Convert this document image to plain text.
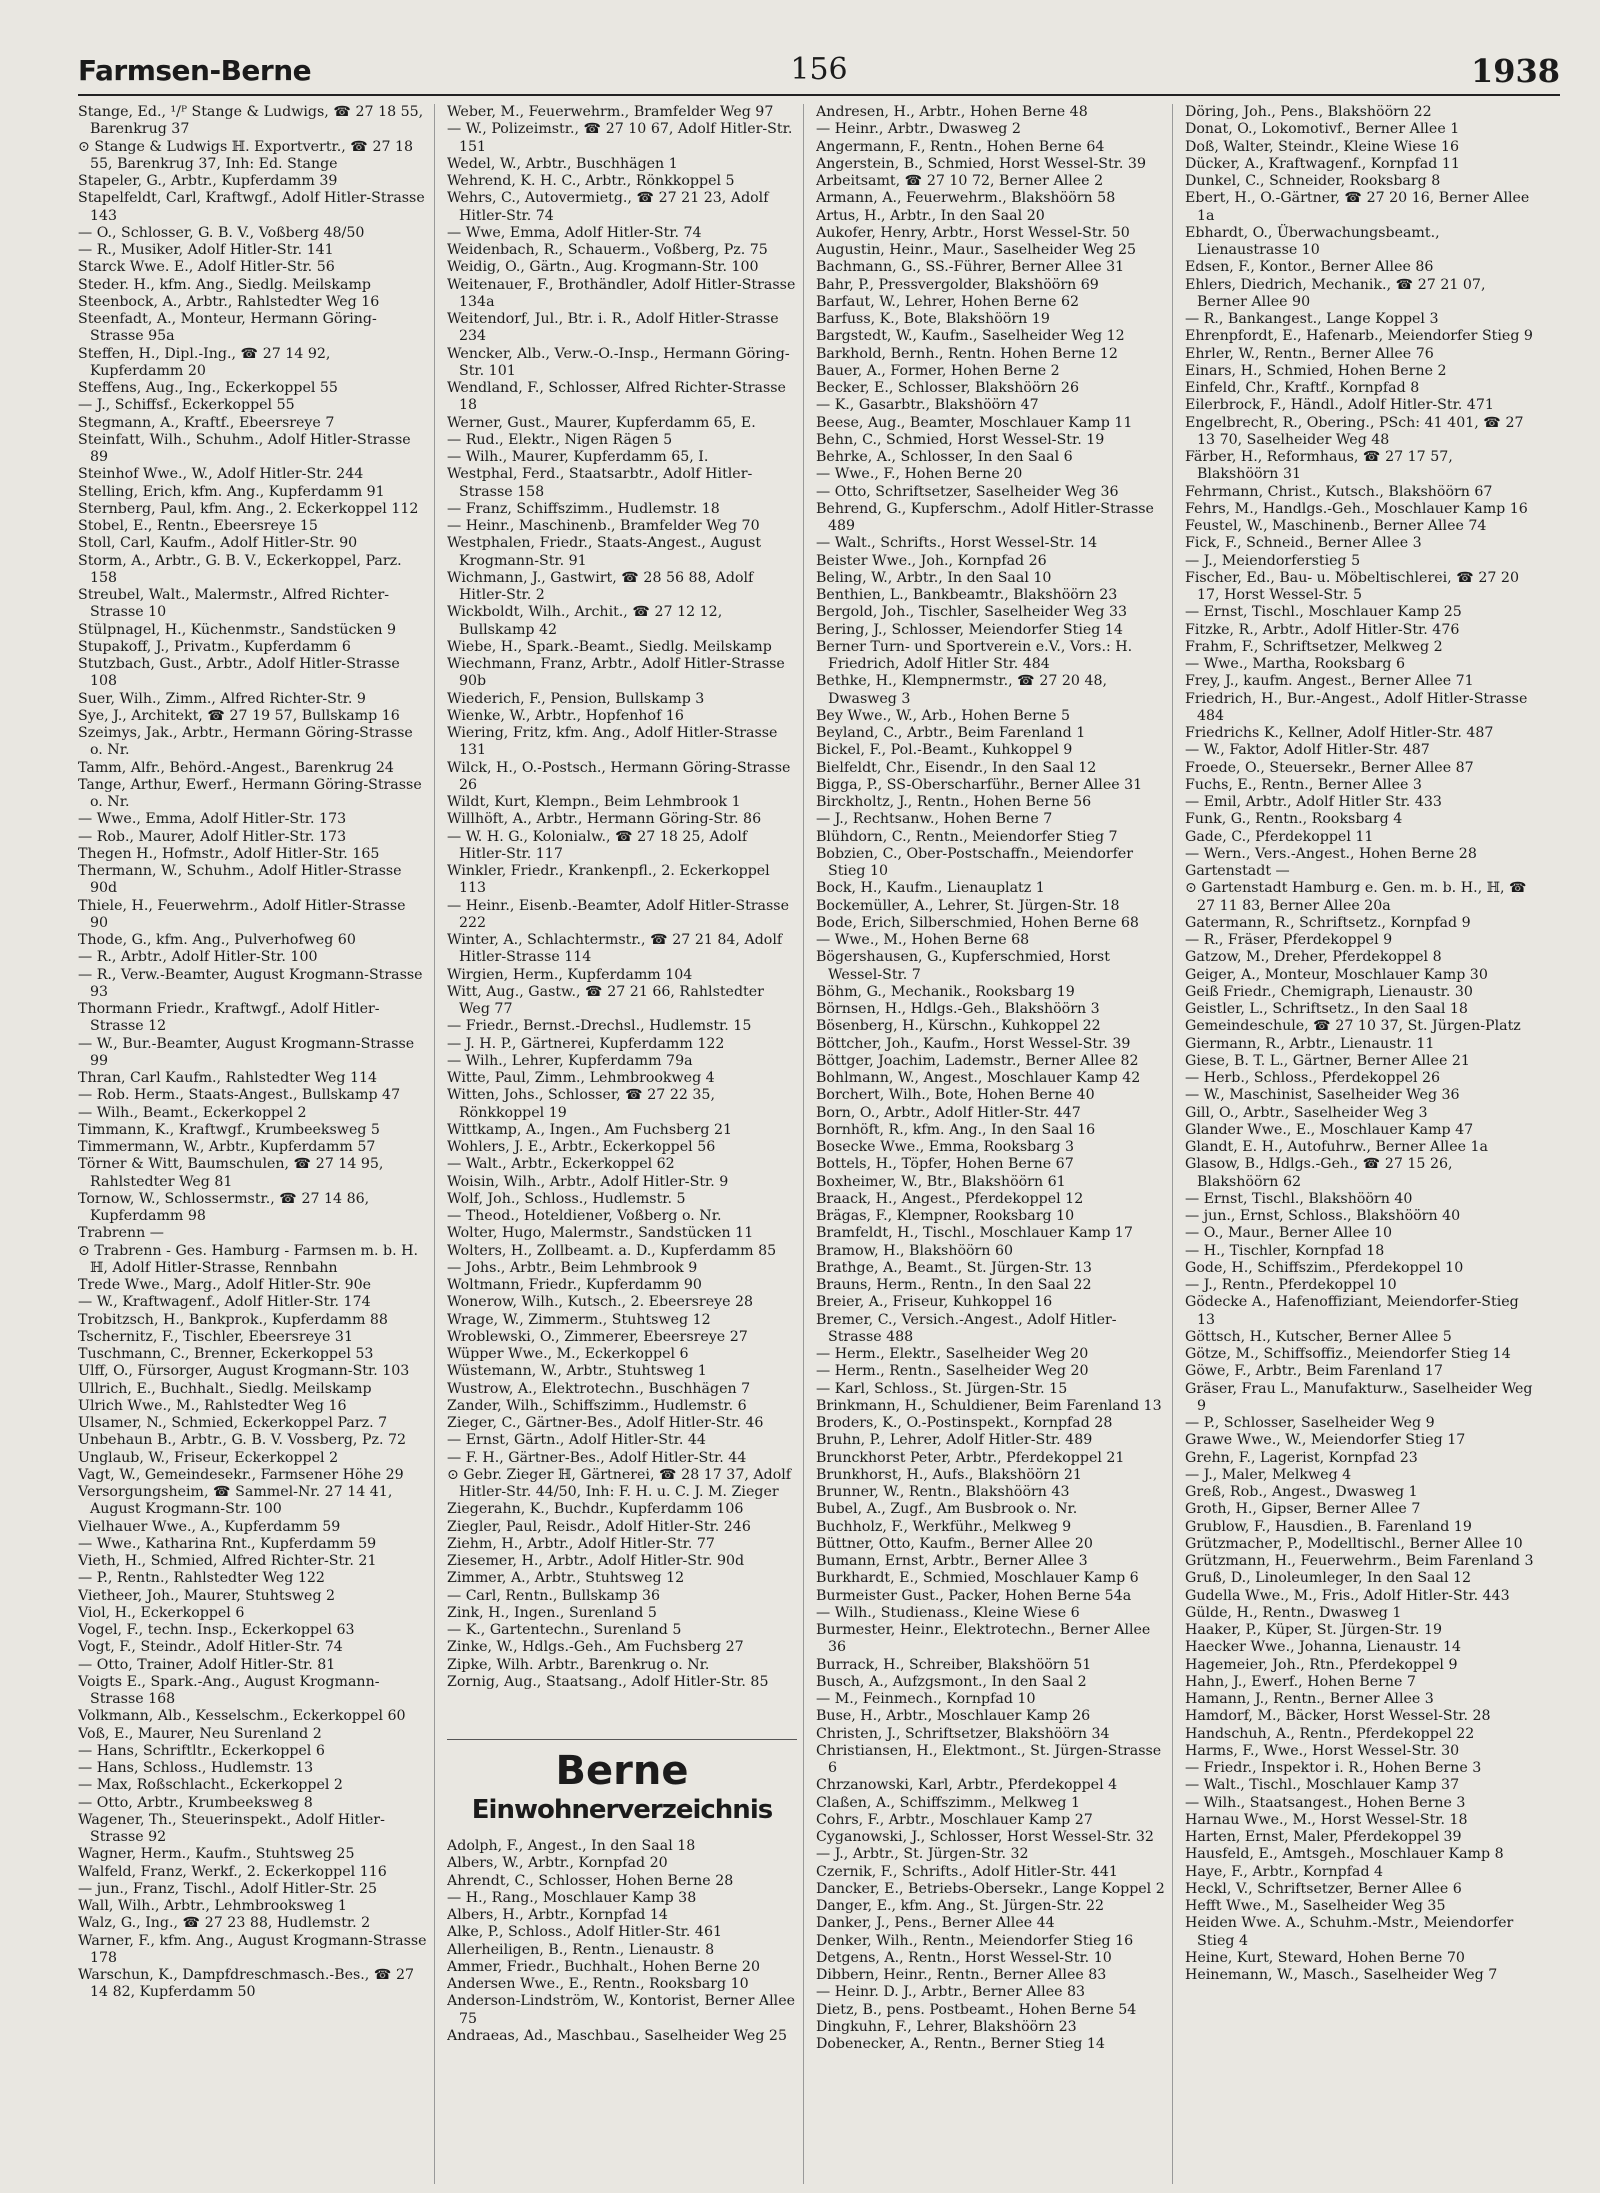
Farmsen-Berne	156	1938

Stange, Ed., ¹/ᴾ Stange & Ludwigs, ☎ 27 18 55, Barenkrug 37

⊙ Stange & Ludwigs ℍ. Exportvertr., ☎ 27 18 55, Barenkrug 37, Inh: Ed. Stange

Stapeler, G., Arbtr., Kupferdamm 39

Stapelfeldt, Carl, Kraftwgf., Adolf Hitler-Strasse 143

— O., Schlosser, G. B. V., Voßberg 48/50

— R., Musiker, Adolf Hitler-Str. 141

Starck Wwe. E., Adolf Hitler-Str. 56

Steder. H., kfm. Ang., Siedlg. Meilskamp

Steenbock, A., Arbtr., Rahlstedter Weg 16

Steenfadt, A., Monteur, Hermann Göring-Strasse 95a

Steffen, H., Dipl.-Ing., ☎ 27 14 92, Kupferdamm 20

Steffens, Aug., Ing., Eckerkoppel 55

— J., Schiffsf., Eckerkoppel 55

Stegmann, A., Kraftf., Ebeersreye 7

Steinfatt, Wilh., Schuhm., Adolf Hitler-Strasse 89

Steinhof Wwe., W., Adolf Hitler-Str. 244

Stelling, Erich, kfm. Ang., Kupferdamm 91

Sternberg, Paul, kfm. Ang., 2. Eckerkoppel 112

Stobel, E., Rentn., Ebeersreye 15

Stoll, Carl, Kaufm., Adolf Hitler-Str. 90

Storm, A., Arbtr., G. B. V., Eckerkoppel, Parz. 158

Streubel, Walt., Malermstr., Alfred Richter-Strasse 10

Stülpnagel, H., Küchenmstr., Sandstücken 9

Stupakoff, J., Privatm., Kupferdamm 6

Stutzbach, Gust., Arbtr., Adolf Hitler-Strasse 108

Suer, Wilh., Zimm., Alfred Richter-Str. 9

Sye, J., Architekt, ☎ 27 19 57, Bullskamp 16

Szeimys, Jak., Arbtr., Hermann Göring-Strasse o. Nr.

Tamm, Alfr., Behörd.-Angest., Barenkrug 24

Tange, Arthur, Ewerf., Hermann Göring-Strasse o. Nr.

— Wwe., Emma, Adolf Hitler-Str. 173

— Rob., Maurer, Adolf Hitler-Str. 173

Thegen H., Hofmstr., Adolf Hitler-Str. 165

Thermann, W., Schuhm., Adolf Hitler-Strasse 90d

Thiele, H., Feuerwehrm., Adolf Hitler-Strasse 90

Thode, G., kfm. Ang., Pulverhofweg 60

— R., Arbtr., Adolf Hitler-Str. 100

— R., Verw.-Beamter, August Krogmann-Strasse 93

Thormann Friedr., Kraftwgf., Adolf Hitler-Strasse 12

— W., Bur.-Beamter, August Krogmann-Strasse 99

Thran, Carl Kaufm., Rahlstedter Weg 114

— Rob. Herm., Staats-Angest., Bullskamp 47

— Wilh., Beamt., Eckerkoppel 2

Timmann, K., Kraftwgf., Krumbeeksweg 5

Timmermann, W., Arbtr., Kupferdamm 57

Törner & Witt, Baumschulen, ☎ 27 14 95, Rahlstedter Weg 81

Tornow, W., Schlossermstr., ☎ 27 14 86, Kupferdamm 98

Trabrenn —

⊙ Trabrenn - Ges. Hamburg - Farmsen m. b. H. ℍ, Adolf Hitler-Strasse, Rennbahn

Trede Wwe., Marg., Adolf Hitler-Str. 90e

— W., Kraftwagenf., Adolf Hitler-Str. 174

Trobitzsch, H., Bankprok., Kupferdamm 88

Tschernitz, F., Tischler, Ebeersreye 31

Tuschmann, C., Brenner, Eckerkoppel 53

Ulff, O., Fürsorger, August Krogmann-Str. 103

Ullrich, E., Buchhalt., Siedlg. Meilskamp

Ulrich Wwe., M., Rahlstedter Weg 16

Ulsamer, N., Schmied, Eckerkoppel Parz. 7

Unbehaun B., Arbtr., G. B. V. Vossberg, Pz. 72

Unglaub, W., Friseur, Eckerkoppel 2

Vagt, W., Gemeindesekr., Farmsener Höhe 29

Versorgungsheim, ☎ Sammel-Nr. 27 14 41, August Krogmann-Str. 100

Vielhauer Wwe., A., Kupferdamm 59

— Wwe., Katharina Rnt., Kupferdamm 59

Vieth, H., Schmied, Alfred Richter-Str. 21

— P., Rentn., Rahlstedter Weg 122

Vietheer, Joh., Maurer, Stuhtsweg 2

Viol, H., Eckerkoppel 6

Vogel, F., techn. Insp., Eckerkoppel 63

Vogt, F., Steindr., Adolf Hitler-Str. 74

— Otto, Trainer, Adolf Hitler-Str. 81

Voigts E., Spark.-Ang., August Krogmann-Strasse 168

Volkmann, Alb., Kesselschm., Eckerkoppel 60

Voß, E., Maurer, Neu Surenland 2

— Hans, Schriftltr., Eckerkoppel 6

— Hans, Schloss., Hudlemstr. 13

— Max, Roßschlacht., Eckerkoppel 2

— Otto, Arbtr., Krumbeeksweg 8

Wagener, Th., Steuerinspekt., Adolf Hitler-Strasse 92

Wagner, Herm., Kaufm., Stuhtsweg 25

Walfeld, Franz, Werkf., 2. Eckerkoppel 116

— jun., Franz, Tischl., Adolf Hitler-Str. 25

Wall, Wilh., Arbtr., Lehmbrooksweg 1

Walz, G., Ing., ☎ 27 23 88, Hudlemstr. 2

Warner, F., kfm. Ang., August Krogmann-Strasse 178

Warschun, K., Dampfdreschmasch.-Bes., ☎ 27 14 82, Kupferdamm 50

Weber, M., Feuerwehrm., Bramfelder Weg 97

— W., Polizeimstr., ☎ 27 10 67, Adolf Hitler-Str. 151

Wedel, W., Arbtr., Buschhägen 1

Wehrend, K. H. C., Arbtr., Rönkkoppel 5

Wehrs, C., Autovermietg., ☎ 27 21 23, Adolf Hitler-Str. 74

— Wwe, Emma, Adolf Hitler-Str. 74

Weidenbach, R., Schauerm., Voßberg, Pz. 75

Weidig, O., Gärtn., Aug. Krogmann-Str. 100

Weitenauer, F., Brothändler, Adolf Hitler-Strasse 134a

Weitendorf, Jul., Btr. i. R., Adolf Hitler-Strasse 234

Wencker, Alb., Verw.-O.-Insp., Hermann Göring-Str. 101

Wendland, F., Schlosser, Alfred Richter-Strasse 18

Werner, Gust., Maurer, Kupferdamm 65, E.

— Rud., Elektr., Nigen Rägen 5

— Wilh., Maurer, Kupferdamm 65, I.

Westphal, Ferd., Staatsarbtr., Adolf Hitler-Strasse 158

— Franz, Schiffszimm., Hudlemstr. 18

— Heinr., Maschinenb., Bramfelder Weg 70

Westphalen, Friedr., Staats-Angest., August Krogmann-Str. 91

Wichmann, J., Gastwirt, ☎ 28 56 88, Adolf Hitler-Str. 2

Wickboldt, Wilh., Archit., ☎ 27 12 12, Bullskamp 42

Wiebe, H., Spark.-Beamt., Siedlg. Meilskamp

Wiechmann, Franz, Arbtr., Adolf Hitler-Strasse 90b

Wiederich, F., Pension, Bullskamp 3

Wienke, W., Arbtr., Hopfenhof 16

Wiering, Fritz, kfm. Ang., Adolf Hitler-Strasse 131

Wilck, H., O.-Postsch., Hermann Göring-Strasse 26

Wildt, Kurt, Klempn., Beim Lehmbrook 1

Willhöft, A., Arbtr., Hermann Göring-Str. 86

— W. H. G., Kolonialw., ☎ 27 18 25, Adolf Hitler-Str. 117

Winkler, Friedr., Krankenpfl., 2. Eckerkoppel 113

— Heinr., Eisenb.-Beamter, Adolf Hitler-Strasse 222

Winter, A., Schlachtermstr., ☎ 27 21 84, Adolf Hitler-Strasse 114

Wirgien, Herm., Kupferdamm 104

Witt, Aug., Gastw., ☎ 27 21 66, Rahlstedter Weg 77

— Friedr., Bernst.-Drechsl., Hudlemstr. 15

— J. H. P., Gärtnerei, Kupferdamm 122

— Wilh., Lehrer, Kupferdamm 79a

Witte, Paul, Zimm., Lehmbrookweg 4

Witten, Johs., Schlosser, ☎ 27 22 35, Rönkkoppel 19

Wittkamp, A., Ingen., Am Fuchsberg 21

Wohlers, J. E., Arbtr., Eckerkoppel 56

— Walt., Arbtr., Eckerkoppel 62

Woisin, Wilh., Arbtr., Adolf Hitler-Str. 9

Wolf, Joh., Schloss., Hudlemstr. 5

— Theod., Hoteldiener, Voßberg o. Nr.

Wolter, Hugo, Malermstr., Sandstücken 11

Wolters, H., Zollbeamt. a. D., Kupferdamm 85

— Johs., Arbtr., Beim Lehmbrook 9

Woltmann, Friedr., Kupferdamm 90

Wonerow, Wilh., Kutsch., 2. Ebeersreye 28

Wrage, W., Zimmerm., Stuhtsweg 12

Wroblewski, O., Zimmerer, Ebeersreye 27

Wüpper Wwe., M., Eckerkoppel 6

Wüstemann, W., Arbtr., Stuhtsweg 1

Wustrow, A., Elektrotechn., Buschhägen 7

Zander, Wilh., Schiffszimm., Hudlemstr. 6

Zieger, C., Gärtner-Bes., Adolf Hitler-Str. 46

— Ernst, Gärtn., Adolf Hitler-Str. 44

— F. H., Gärtner-Bes., Adolf Hitler-Str. 44

⊙ Gebr. Zieger ℍ, Gärtnerei, ☎ 28 17 37, Adolf Hitler-Str. 44/50, Inh: F. H. u. C. J. M. Zieger

Ziegerahn, K., Buchdr., Kupferdamm 106

Ziegler, Paul, Reisdr., Adolf Hitler-Str. 246

Ziehm, H., Arbtr., Adolf Hitler-Str. 77

Ziesemer, H., Arbtr., Adolf Hitler-Str. 90d

Zimmer, A., Arbtr., Stuhtsweg 12

— Carl, Rentn., Bullskamp 36

Zink, H., Ingen., Surenland 5

— K., Gartentechn., Surenland 5

Zinke, W., Hdlgs.-Geh., Am Fuchsberg 27

Zipke, Wilh. Arbtr., Barenkrug o. Nr.

Zornig, Aug., Staatsang., Adolf Hitler-Str. 85

Berne
Einwohnerverzeichnis

Adolph, F., Angest., In den Saal 18

Albers, W., Arbtr., Kornpfad 20

Ahrendt, C., Schlosser, Hohen Berne 28

— H., Rang., Moschlauer Kamp 38

Albers, H., Arbtr., Kornpfad 14

Alke, P., Schloss., Adolf Hitler-Str. 461

Allerheiligen, B., Rentn., Lienaustr. 8

Ammer, Friedr., Buchhalt., Hohen Berne 20

Andersen Wwe., E., Rentn., Rooksbarg 10

Anderson-Lindström, W., Kontorist, Berner Allee 75

Andraeas, Ad., Maschbau., Saselheider Weg 25

Andresen, H., Arbtr., Hohen Berne 48

— Heinr., Arbtr., Dwasweg 2

Angermann, F., Rentn., Hohen Berne 64

Angerstein, B., Schmied, Horst Wessel-Str. 39

Arbeitsamt, ☎ 27 10 72, Berner Allee 2

Armann, A., Feuerwehrm., Blakshöörn 58

Artus, H., Arbtr., In den Saal 20

Aukofer, Henry, Arbtr., Horst Wessel-Str. 50

Augustin, Heinr., Maur., Saselheider Weg 25

Bachmann, G., SS.-Führer, Berner Allee 31

Bahr, P., Pressvergolder, Blakshöörn 69

Barfaut, W., Lehrer, Hohen Berne 62

Barfuss, K., Bote, Blakshöörn 19

Bargstedt, W., Kaufm., Saselheider Weg 12

Barkhold, Bernh., Rentn. Hohen Berne 12

Bauer, A., Former, Hohen Berne 2

Becker, E., Schlosser, Blakshöörn 26

— K., Gasarbtr., Blakshöörn 47

Beese, Aug., Beamter, Moschlauer Kamp 11

Behn, C., Schmied, Horst Wessel-Str. 19

Behrke, A., Schlosser, In den Saal 6

— Wwe., F., Hohen Berne 20

— Otto, Schriftsetzer, Saselheider Weg 36

Behrend, G., Kupferschm., Adolf Hitler-Strasse 489

— Walt., Schrifts., Horst Wessel-Str. 14

Beister Wwe., Joh., Kornpfad 26

Beling, W., Arbtr., In den Saal 10

Benthien, L., Bankbeamtr., Blakshöörn 23

Bergold, Joh., Tischler, Saselheider Weg 33

Bering, J., Schlosser, Meiendorfer Stieg 14

Berner Turn- und Sportverein e.V., Vors.: H. Friedrich, Adolf Hitler Str. 484

Bethke, H., Klempnermstr., ☎ 27 20 48, Dwasweg 3

Bey Wwe., W., Arb., Hohen Berne 5

Beyland, C., Arbtr., Beim Farenland 1

Bickel, F., Pol.-Beamt., Kuhkoppel 9

Bielfeldt, Chr., Eisendr., In den Saal 12

Bigga, P., SS-Oberscharführ., Berner Allee 31

Birckholtz, J., Rentn., Hohen Berne 56

— J., Rechtsanw., Hohen Berne 7

Blühdorn, C., Rentn., Meiendorfer Stieg 7

Bobzien, C., Ober-Postschaffn., Meiendorfer Stieg 10

Bock, H., Kaufm., Lienauplatz 1

Bockemüller, A., Lehrer, St. Jürgen-Str. 18

Bode, Erich, Silberschmied, Hohen Berne 68

— Wwe., M., Hohen Berne 68

Bögershausen, G., Kupferschmied, Horst Wessel-Str. 7

Böhm, G., Mechanik., Rooksbarg 19

Börnsen, H., Hdlgs.-Geh., Blakshöörn 3

Bösenberg, H., Kürschn., Kuhkoppel 22

Böttcher, Joh., Kaufm., Horst Wessel-Str. 39

Böttger, Joachim, Lademstr., Berner Allee 82

Bohlmann, W., Angest., Moschlauer Kamp 42

Borchert, Wilh., Bote, Hohen Berne 40

Born, O., Arbtr., Adolf Hitler-Str. 447

Bornhöft, R., kfm. Ang., In den Saal 16

Bosecke Wwe., Emma, Rooksbarg 3

Bottels, H., Töpfer, Hohen Berne 67

Boxheimer, W., Btr., Blakshöörn 61

Braack, H., Angest., Pferdekoppel 12

Brägas, F., Klempner, Rooksbarg 10

Bramfeldt, H., Tischl., Moschlauer Kamp 17

Bramow, H., Blakshöörn 60

Brathge, A., Beamt., St. Jürgen-Str. 13

Brauns, Herm., Rentn., In den Saal 22

Breier, A., Friseur, Kuhkoppel 16

Bremer, C., Versich.-Angest., Adolf Hitler-Strasse 488

— Herm., Elektr., Saselheider Weg 20

— Herm., Rentn., Saselheider Weg 20

— Karl, Schloss., St. Jürgen-Str. 15

Brinkmann, H., Schuldiener, Beim Farenland 13

Broders, K., O.-Postinspekt., Kornpfad 28

Bruhn, P., Lehrer, Adolf Hitler-Str. 489

Brunckhorst Peter, Arbtr., Pferdekoppel 21

Brunkhorst, H., Aufs., Blakshöörn 21

Brunner, W., Rentn., Blakshöörn 43

Bubel, A., Zugf., Am Busbrook o. Nr.

Buchholz, F., Werkführ., Melkweg 9

Büttner, Otto, Kaufm., Berner Allee 20

Bumann, Ernst, Arbtr., Berner Allee 3

Burkhardt, E., Schmied, Moschlauer Kamp 6

Burmeister Gust., Packer, Hohen Berne 54a

— Wilh., Studienass., Kleine Wiese 6

Burmester, Heinr., Elektrotechn., Berner Allee 36

Burrack, H., Schreiber, Blakshöörn 51

Busch, A., Aufzgsmont., In den Saal 2

— M., Feinmech., Kornpfad 10

Buse, H., Arbtr., Moschlauer Kamp 26

Christen, J., Schriftsetzer, Blakshöörn 34

Christiansen, H., Elektmont., St. Jürgen-Strasse 6

Chrzanowski, Karl, Arbtr., Pferdekoppel 4

Claßen, A., Schiffszimm., Melkweg 1

Cohrs, F., Arbtr., Moschlauer Kamp 27

Cyganowski, J., Schlosser, Horst Wessel-Str. 32

— J., Arbtr., St. Jürgen-Str. 32

Czernik, F., Schrifts., Adolf Hitler-Str. 441

Dancker, E., Betriebs-Obersekr., Lange Koppel 2

Danger, E., kfm. Ang., St. Jürgen-Str. 22

Danker, J., Pens., Berner Allee 44

Denker, Wilh., Rentn., Meiendorfer Stieg 16

Detgens, A., Rentn., Horst Wessel-Str. 10

Dibbern, Heinr., Rentn., Berner Allee 83

— Heinr. D. J., Arbtr., Berner Allee 83

Dietz, B., pens. Postbeamt., Hohen Berne 54

Dingkuhn, F., Lehrer, Blakshöörn 23

Dobenecker, A., Rentn., Berner Stieg 14

Döring, Joh., Pens., Blakshöörn 22

Donat, O., Lokomotivf., Berner Allee 1

Doß, Walter, Steindr., Kleine Wiese 16

Dücker, A., Kraftwagenf., Kornpfad 11

Dunkel, C., Schneider, Rooksbarg 8

Ebert, H., O.-Gärtner, ☎ 27 20 16, Berner Allee 1a

Ebhardt, O., Überwachungsbeamt., Lienaustrasse 10

Edsen, F., Kontor., Berner Allee 86

Ehlers, Diedrich, Mechanik., ☎ 27 21 07, Berner Allee 90

— R., Bankangest., Lange Koppel 3

Ehrenpfordt, E., Hafenarb., Meiendorfer Stieg 9

Ehrler, W., Rentn., Berner Allee 76

Einars, H., Schmied, Hohen Berne 2

Einfeld, Chr., Kraftf., Kornpfad 8

Eilerbrock, F., Händl., Adolf Hitler-Str. 471

Engelbrecht, R., Obering., PSch: 41 401, ☎ 27 13 70, Saselheider Weg 48

Färber, H., Reformhaus, ☎ 27 17 57, Blakshöörn 31

Fehrmann, Christ., Kutsch., Blakshöörn 67

Fehrs, M., Handlgs.-Geh., Moschlauer Kamp 16

Feustel, W., Maschinenb., Berner Allee 74

Fick, F., Schneid., Berner Allee 3

— J., Meiendorferstieg 5

Fischer, Ed., Bau- u. Möbeltischlerei, ☎ 27 20 17, Horst Wessel-Str. 5

— Ernst, Tischl., Moschlauer Kamp 25

Fitzke, R., Arbtr., Adolf Hitler-Str. 476

Frahm, F., Schriftsetzer, Melkweg 2

— Wwe., Martha, Rooksbarg 6

Frey, J., kaufm. Angest., Berner Allee 71

Friedrich, H., Bur.-Angest., Adolf Hitler-Strasse 484

Friedrichs K., Kellner, Adolf Hitler-Str. 487

— W., Faktor, Adolf Hitler-Str. 487

Froede, O., Steuersekr., Berner Allee 87

Fuchs, E., Rentn., Berner Allee 3

— Emil, Arbtr., Adolf Hitler Str. 433

Funk, G., Rentn., Rooksbarg 4

Gade, C., Pferdekoppel 11

— Wern., Vers.-Angest., Hohen Berne 28

Gartenstadt —

⊙ Gartenstadt Hamburg e. Gen. m. b. H., ℍ, ☎ 27 11 83, Berner Allee 20a

Gatermann, R., Schriftsetz., Kornpfad 9

— R., Fräser, Pferdekoppel 9

Gatzow, M., Dreher, Pferdekoppel 8

Geiger, A., Monteur, Moschlauer Kamp 30

Geiß Friedr., Chemigraph, Lienaustr. 30

Geistler, L., Schriftsetz., In den Saal 18

Gemeindeschule, ☎ 27 10 37, St. Jürgen-Platz

Giermann, R., Arbtr., Lienaustr. 11

Giese, B. T. L., Gärtner, Berner Allee 21

— Herb., Schloss., Pferdekoppel 26

— W., Maschinist, Saselheider Weg 36

Gill, O., Arbtr., Saselheider Weg 3

Glander Wwe., E., Moschlauer Kamp 47

Glandt, E. H., Autofuhrw., Berner Allee 1a

Glasow, B., Hdlgs.-Geh., ☎ 27 15 26, Blakshöörn 62

— Ernst, Tischl., Blakshöörn 40

— jun., Ernst, Schloss., Blakshöörn 40

— O., Maur., Berner Allee 10

— H., Tischler, Kornpfad 18

Gode, H., Schiffszim., Pferdekoppel 10

— J., Rentn., Pferdekoppel 10

Gödecke A., Hafenoffiziant, Meiendorfer-Stieg 13

Göttsch, H., Kutscher, Berner Allee 5

Götze, M., Schiffsoffiz., Meiendorfer Stieg 14

Göwe, F., Arbtr., Beim Farenland 17

Gräser, Frau L., Manufakturw., Saselheider Weg 9

— P., Schlosser, Saselheider Weg 9

Grawe Wwe., W., Meiendorfer Stieg 17

Grehn, F., Lagerist, Kornpfad 23

— J., Maler, Melkweg 4

Greß, Rob., Angest., Dwasweg 1

Groth, H., Gipser, Berner Allee 7

Grublow, F., Hausdien., B. Farenland 19

Grützmacher, P., Modelltischl., Berner Allee 10

Grützmann, H., Feuerwehrm., Beim Farenland 3

Gruß, D., Linoleumleger, In den Saal 12

Gudella Wwe., M., Fris., Adolf Hitler-Str. 443

Gülde, H., Rentn., Dwasweg 1

Haaker, P., Küper, St. Jürgen-Str. 19

Haecker Wwe., Johanna, Lienaustr. 14

Hagemeier, Joh., Rtn., Pferdekoppel 9

Hahn, J., Ewerf., Hohen Berne 7

Hamann, J., Rentn., Berner Allee 3

Hamdorf, M., Bäcker, Horst Wessel-Str. 28

Handschuh, A., Rentn., Pferdekoppel 22

Harms, F., Wwe., Horst Wessel-Str. 30

— Friedr., Inspektor i. R., Hohen Berne 3

— Walt., Tischl., Moschlauer Kamp 37

— Wilh., Staatsangest., Hohen Berne 3

Harnau Wwe., M., Horst Wessel-Str. 18

Harten, Ernst, Maler, Pferdekoppel 39

Hausfeld, E., Amtsgeh., Moschlauer Kamp 8

Haye, F., Arbtr., Kornpfad 4

Heckl, V., Schriftsetzer, Berner Allee 6

Hefft Wwe., M., Saselheider Weg 35

Heiden Wwe. A., Schuhm.-Mstr., Meiendorfer Stieg 4

Heine, Kurt, Steward, Hohen Berne 70

Heinemann, W., Masch., Saselheider Weg 7
